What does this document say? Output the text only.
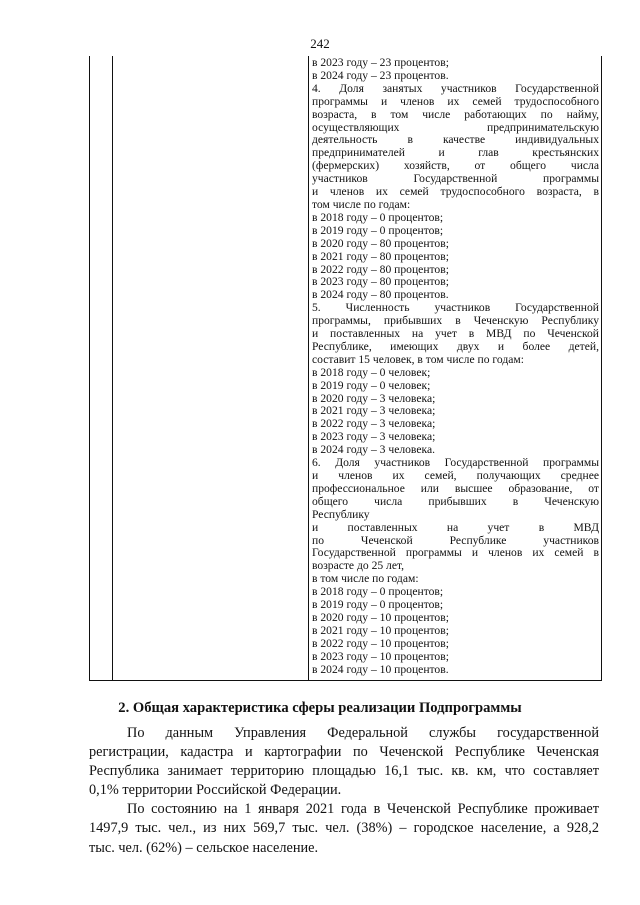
242
в 2023 году – 23 процентов;
в 2024 году – 23 процентов.
4. Доля занятых участников Государственной
программы и членов их семей трудоспособного
возраста, в том числе работающих по найму,
осуществляющих предпринимательскую
деятельность в качестве индивидуальных
предпринимателей и глав крестьянских
(фермерских) хозяйств, от общего числа
участников Государственной программы
и членов их семей трудоспособного возраста, в
том числе по годам:
в 2018 году – 0 процентов;
в 2019 году – 0 процентов;
в 2020 году – 80 процентов;
в 2021 году – 80 процентов;
в 2022 году – 80 процентов;
в 2023 году – 80 процентов;
в 2024 году – 80 процентов.
5. Численность участников Государственной
программы, прибывших в Чеченскую Республику
и поставленных на учет в МВД по Чеченской
Республике, имеющих двух и более детей,
составит 15 человек, в том числе по годам:
в 2018 году – 0 человек;
в 2019 году – 0 человек;
в 2020 году – 3 человека;
в 2021 году – 3 человека;
в 2022 году – 3 человека;
в 2023 году – 3 человека;
в 2024 году – 3 человека.
6. Доля участников Государственной программы
и членов их семей, получающих среднее
профессиональное или высшее образование, от
общего числа прибывших в Чеченскую
Республику
и поставленных на учет в МВД
по Чеченской Республике участников
Государственной программы и членов их семей в
возрасте до 25 лет,
в том числе по годам:
в 2018 году – 0 процентов;
в 2019 году – 0 процентов;
в 2020 году – 10 процентов;
в 2021 году – 10 процентов;
в 2022 году – 10 процентов;
в 2023 году – 10 процентов;
в 2024 году – 10 процентов.
2. Общая характеристика сферы реализации Подпрограммы
По данным Управления Федеральной службы государственной
регистрации, кадастра и картографии по Чеченской Республике Чеченская
Республика занимает территорию площадью 16,1 тыс. кв. км, что составляет
0,1% территории Российской Федерации.
По состоянию на 1 января 2021 года в Чеченской Республике проживает
1497,9 тыс. чел., из них 569,7 тыс. чел. (38%) – городское население, а 928,2
тыс. чел. (62%) – сельское население.
